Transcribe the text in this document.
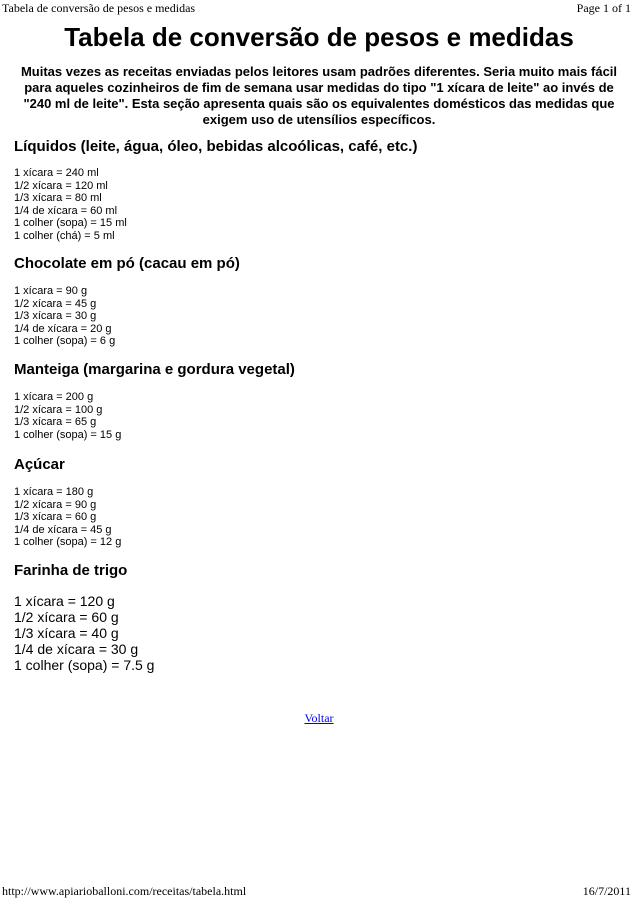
Tabela de conversão de pesos e medidas	Page 1 of 1
Tabela de conversão de pesos e medidas

Muitas vezes as receitas enviadas pelos leitores usam padrões diferentes. Seria muito mais fácil para aqueles cozinheiros de fim de semana usar medidas do tipo "1 xícara de leite" ao invés de "240 ml de leite". Esta seção apresenta quais são os equivalentes domésticos das medidas que exigem uso de utensílios específicos.

Líquidos (leite, água, óleo, bebidas alcoólicas, café, etc.)
1 xícara = 240 ml
1/2 xícara = 120 ml
1/3 xícara = 80 ml
1/4 de xícara = 60 ml
1 colher (sopa) = 15 ml
1 colher (chá) = 5 ml
Chocolate em pó (cacau em pó)
1 xícara = 90 g
1/2 xícara = 45 g
1/3 xícara = 30 g
1/4 de xícara = 20 g
1 colher (sopa) = 6 g
Manteiga (margarina e gordura vegetal)
1 xícara = 200 g
1/2 xícara = 100 g
1/3 xícara = 65 g
1 colher (sopa) = 15 g
Açúcar
1 xícara = 180 g
1/2 xícara = 90 g
1/3 xícara = 60 g
1/4 de xícara = 45 g
1 colher (sopa) = 12 g
Farinha de trigo
1 xícara = 120 g
1/2 xícara = 60 g
1/3 xícara = 40 g
1/4 de xícara = 30 g
1 colher (sopa) = 7.5 g
Voltar
http://www.apiarioballoni.com/receitas/tabela.html	16/7/2011
